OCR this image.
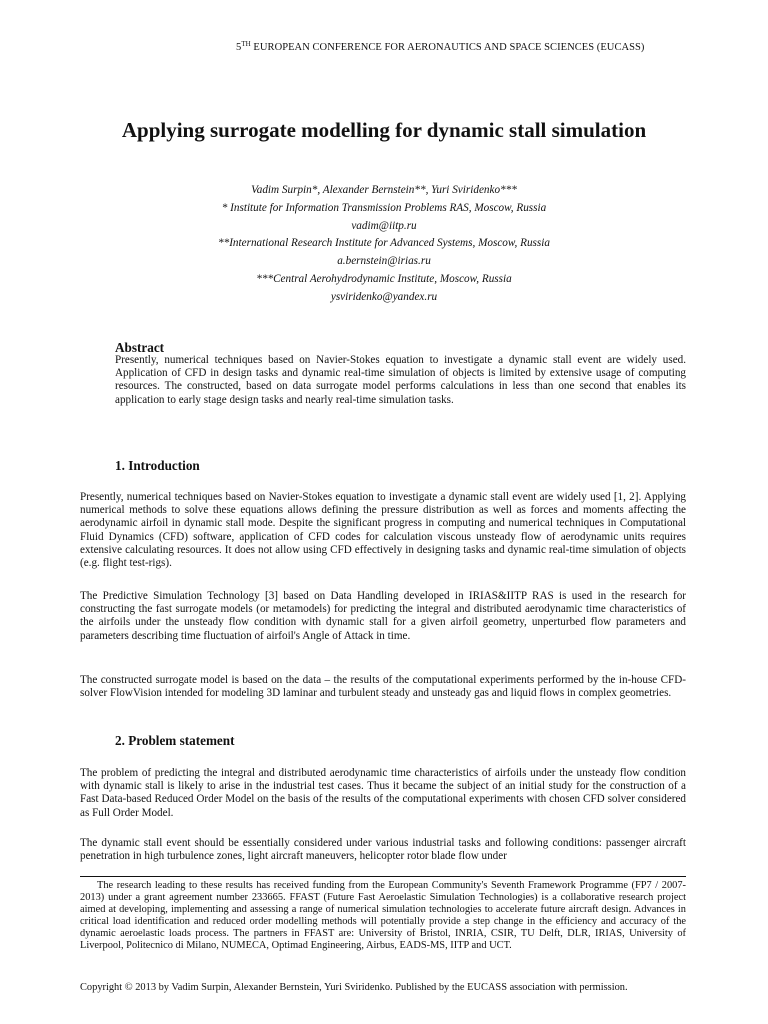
5TH EUROPEAN CONFERENCE FOR AERONAUTICS AND SPACE SCIENCES (EUCASS)
Applying surrogate modelling for dynamic stall simulation
Vadim Surpin*, Alexander Bernstein**, Yuri Sviridenko***
* Institute for Information Transmission Problems RAS, Moscow, Russia
vadim@iitp.ru
**International Research Institute for Advanced Systems, Moscow, Russia
a.bernstein@irias.ru
***Central Aerohydrodynamic Institute, Moscow, Russia
ysviridenko@yandex.ru
Abstract
Presently, numerical techniques based on Navier-Stokes equation to investigate a dynamic stall event are widely used. Application of CFD in design tasks and dynamic real-time simulation of objects is limited by extensive usage of computing resources. The constructed, based on data surrogate model performs calculations in less than one second that enables its application to early stage design tasks and nearly real-time simulation tasks.
1. Introduction
Presently, numerical techniques based on Navier-Stokes equation to investigate a dynamic stall event are widely used [1, 2]. Applying numerical methods to solve these equations allows defining the pressure distribution as well as forces and moments affecting the aerodynamic airfoil in dynamic stall mode. Despite the significant progress in computing and numerical techniques in Computational Fluid Dynamics (CFD) software, application of CFD codes for calculation viscous unsteady flow of aerodynamic units requires extensive calculating resources. It does not allow using CFD effectively in designing tasks and dynamic real-time simulation of objects (e.g. flight test-rigs).
The Predictive Simulation Technology [3] based on Data Handling developed in IRIAS&IITP RAS is used in the research for constructing the fast surrogate models (or metamodels) for predicting the integral and distributed aerodynamic time characteristics of the airfoils under the unsteady flow condition with dynamic stall for a given airfoil geometry, unperturbed flow parameters and parameters describing time fluctuation of airfoil's Angle of Attack in time.
The constructed surrogate model is based on the data – the results of the computational experiments performed by the in-house CFD-solver FlowVision intended for modeling 3D laminar and turbulent steady and unsteady gas and liquid flows in complex geometries.
2. Problem statement
The problem of predicting the integral and distributed aerodynamic time characteristics of airfoils under the unsteady flow condition with dynamic stall is likely to arise in the industrial test cases. Thus it became the subject of an initial study for the construction of a Fast Data-based Reduced Order Model on the basis of the results of the computational experiments with chosen CFD solver considered as Full Order Model.
The dynamic stall event should be essentially considered under various industrial tasks and following conditions: passenger aircraft penetration in high turbulence zones, light aircraft maneuvers, helicopter rotor blade flow under
The research leading to these results has received funding from the European Community's Seventh Framework Programme (FP7 / 2007-2013) under a grant agreement number 233665. FFAST (Future Fast Aeroelastic Simulation Technologies) is a collaborative research project aimed at developing, implementing and assessing a range of numerical simulation technologies to accelerate future aircraft design. Advances in critical load identification and reduced order modelling methods will potentially provide a step change in the efficiency and accuracy of the dynamic aeroelastic loads process. The partners in FFAST are: University of Bristol, INRIA, CSIR, TU Delft, DLR, IRIAS, University of Liverpool, Politecnico di Milano, NUMECA, Optimad Engineering, Airbus, EADS-MS, IITP and UCT.
Copyright © 2013 by Vadim Surpin, Alexander Bernstein, Yuri Sviridenko. Published by the EUCASS association with permission.
